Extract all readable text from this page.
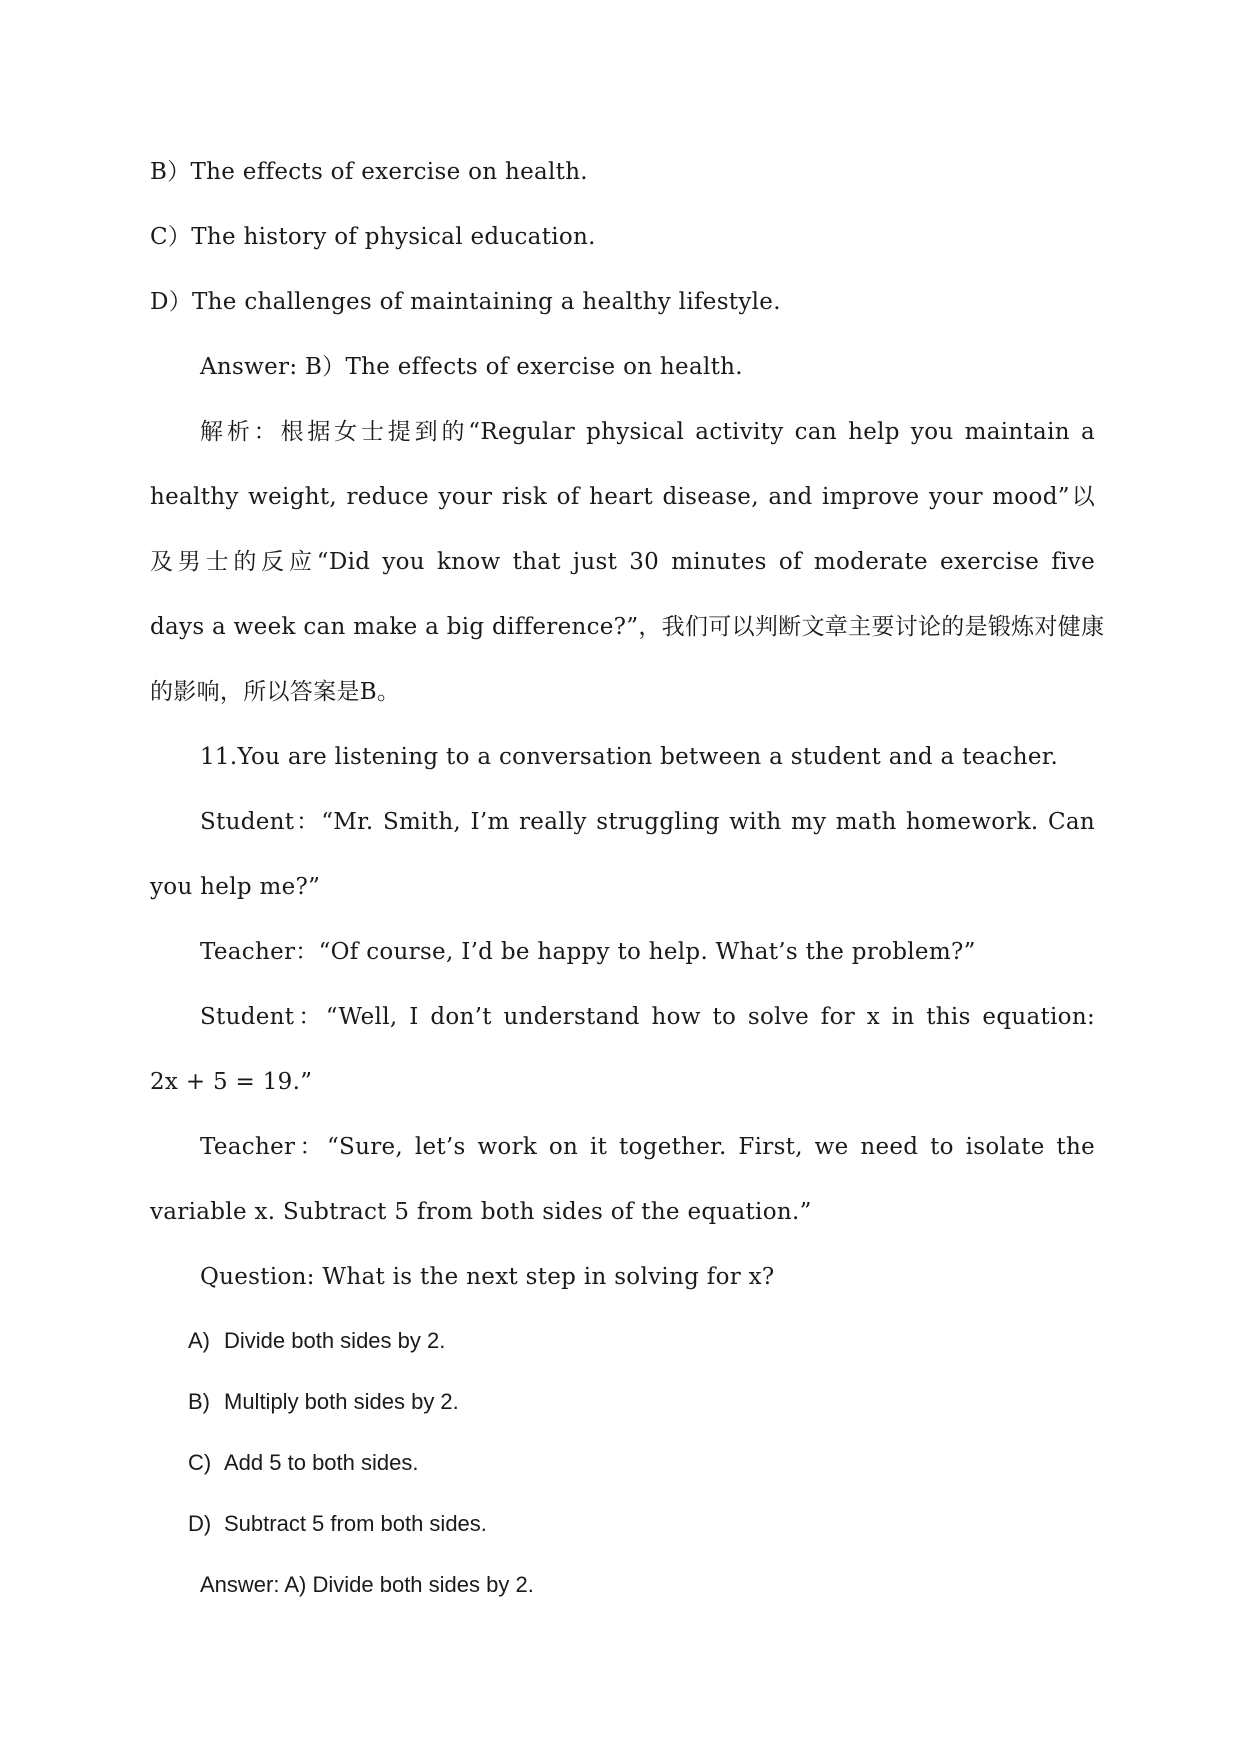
B）The effects of exercise on health.
C）The history of physical education.
D）The challenges of maintaining a healthy lifestyle.
Answer: B）The effects of exercise on health.
解析：根据女士提到的“Regular physical activity can help you maintain a
healthy weight, reduce your risk of heart disease, and improve your mood”以
及男士的反应“Did you know that just 30 minutes of moderate exercise five
days a week can make a big difference?”，我们可以判断文章主要讨论的是锻炼对健康
的影响，所以答案是B。
11.You are listening to a conversation between a student and a teacher.
Student：“Mr. Smith, I’m really struggling with my math homework. Can
you help me?”
Teacher：“Of course, I’d be happy to help. What’s the problem?”
Student：“Well, I don’t understand how to solve for x in this equation:
2x + 5 = 19.”
Teacher：“Sure, let’s work on it together. First, we need to isolate the
variable x. Subtract 5 from both sides of the equation.”
Question: What is the next step in solving for x?
A) Divide both sides by 2.
B) Multiply both sides by 2.
C) Add 5 to both sides.
D) Subtract 5 from both sides.
Answer: A) Divide both sides by 2.
